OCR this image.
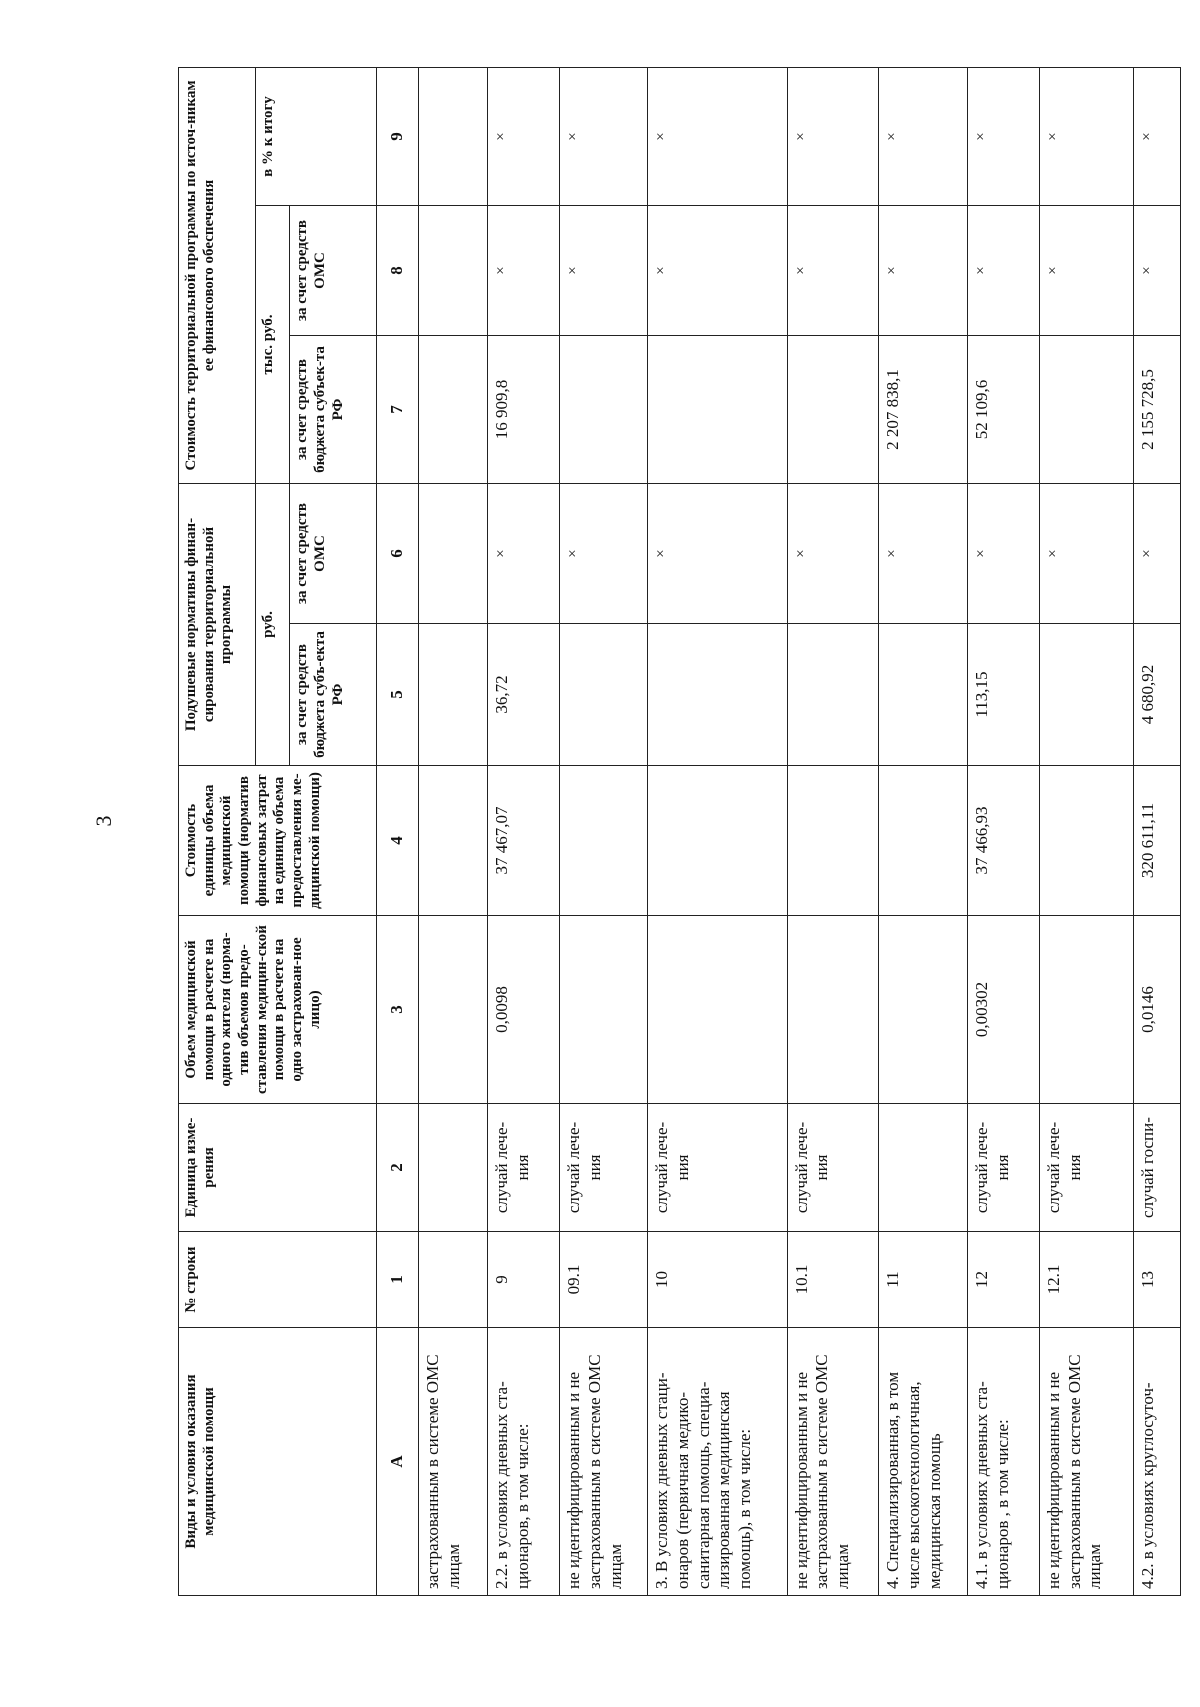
3
Виды и условия оказания медицинской помощи	№ строки	Единица изме-рения	Объем медицинской помощи в расчете на одного жителя (норма-тив объемов предо-ставления медицин-ской помощи в расчете на одно застрахован-ное лицо)	Стоимость единицы объема медицинской помощи (норматив финансовых затрат на единицу объема предоставления ме-дицинской помощи)	Подушевые нормативы финан-сирования территориальной программы		Стоимость территориальной программы по источ-никам ее финансового обеспечения		
					руб.		тыс. руб.		в % к итогу
					за счет средств бюджета субъ-екта РФ	за счет средств ОМС	за счет средств бюджета субъек-та РФ	за счет средств ОМС	
А	1	2	3	4	5	6	7	8	9
застрахованным в системе ОМС лицам									
2.2. в условиях дневных ста-ционаров, в том числе:	9	случай лече-ния	0,0098	37 467,07	36,72	×	16 909,8	×	×
не идентифицированным и не застрахованным в системе ОМС лицам	09.1	случай лече-ния				×		×	×
3. В условиях дневных стаци-онаров (первичная медико-санитарная помощь, специа-лизированная медицинская помощь), в том числе:	10	случай лече-ния				×		×	×
не идентифицированным и не застрахованным в системе ОМС лицам	10.1	случай лече-ния				×		×	×
4. Специализированная, в том числе высокотехнологичная, медицинская помощь	11					×	2 207 838,1	×	×
4.1. в условиях дневных ста-ционаров , в том числе:	12	случай лече-ния	0,00302	37 466,93	113,15	×	52 109,6	×	×
не идентифицированным и не застрахованным в системе ОМС лицам	12.1	случай лече-ния				×		×	×
4.2. в условиях круглосуточ-	13	случай госпи-	0,0146	320 611,11	4 680,92	×	2 155 728,5	×	×
